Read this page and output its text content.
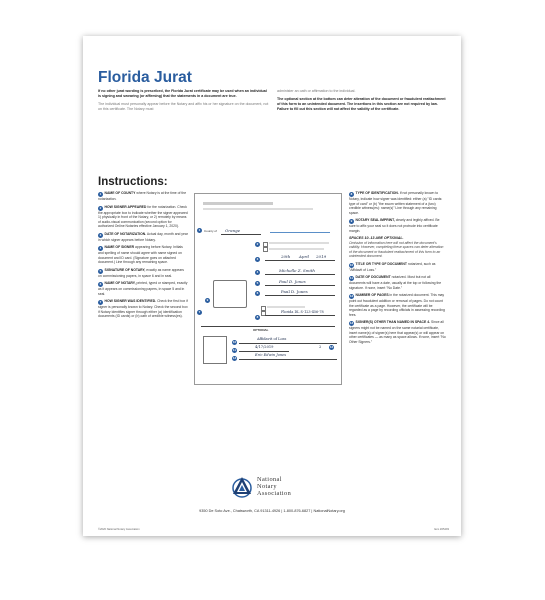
Florida Jurat

If no other jurat wording is prescribed, the Florida Jurat certificate may be used when an individual is signing and swearing (or affirming) that the statements in a document are true.

The individual must personally appear before the Notary and affix his or her signature on the document, not on this certificate. The Notary must

administer an oath or affirmation to the individual.

The optional section at the bottom can deter alteration of the document or fraudulent reattachment of this form to an unintended document. The insertions in this section are not required by law. Failure to fill out this section will not affect the validity of the certificate.

Instructions:
1 NAME OF COUNTY where Notary is at the time of the notarization.
2 HOW SIGNER APPEARED for the notarization. Check the appropriate box to indicate whether the signer appeared 1) physically in front of the Notary, or 2) remotely by means of audio-visual communication (second option for authorized Online Notaries effective January 1, 2020).
3 DATE OF NOTARIZATION. Actual day, month and year in which signer appears before Notary.
4 NAME OF SIGNER appearing before Notary. Initials and spelling of name should agree with name signed on document and ID card. (Signature goes on attached document.) Line through any remaining space.
5 SIGNATURE OF NOTARY, exactly as name appears on commissioning papers, in space 6 and in seal.
6 NAME OF NOTARY, printed, typed or stamped, exactly as it appears on commissioning papers, in space 5 and in seal.
7 HOW SIGNER WAS IDENTIFIED. Check the first box if signer is personally known to Notary. Check the second box if Notary identifies signer through either (a) identification documents (ID cards) or (b) oath of credible witness(es).
8 TYPE OF IDENTIFICATION. If not personally known to Notary, indicate how signer was identified: either (a) "ID cards: type of card" or (b) "the sworn written statement of a (two) credible witness(es): name(s)" Line through any remaining space.
9 NOTARY SEAL IMPRINT, clearly and legibly affixed. Be sure to affix your seal so it does not protrude into certificate margin.
SPACES 10–13 ARE OPTIONAL.
Omission of information here will not affect the document's validity. However, completing these spaces can deter alteration of the document or fraudulent reattachment of this form to an unintended document.
10 TITLE OR TYPE OF DOCUMENT notarized, such as "Affidavit of Loss."
11 DATE OF DOCUMENT notarized. Most but not all documents will have a date, usually at the top or following the signature. If none, insert "No Date."
12 NUMBER OF PAGES in the notarized document. This may point out fraudulent addition or removal of pages. Do not count the certificate as a page. However, the certificate will be regarded as a page by recording officials in assessing recording fees.
13 SIGNER(S) OTHER THAN NAMED IN SPACE 4. Since all signers might not be named on the same notarial certificate, insert name(s) of signer(s) here that appear(s) or will appear on other certificates — as many as space allows. If none, insert "No Other Signers."
1	County of Orange
2
3	20th April 2019
4	Michelle Z. Smith
5	Paul D. Jones
6	Paul D. Jones
9
7
8
Florida DL S-123-456-78
OPTIONAL
10
Affidavit of Loss
11
4/17/2019	2	12
13
Eric Edwin Jones
National
Notary
Association
9350 De Soto Ave., Chatsworth, CA 91311-4926 | 1-800-876-6827 | NationalNotary.org
©2020 National Notary Association	Item #25493
